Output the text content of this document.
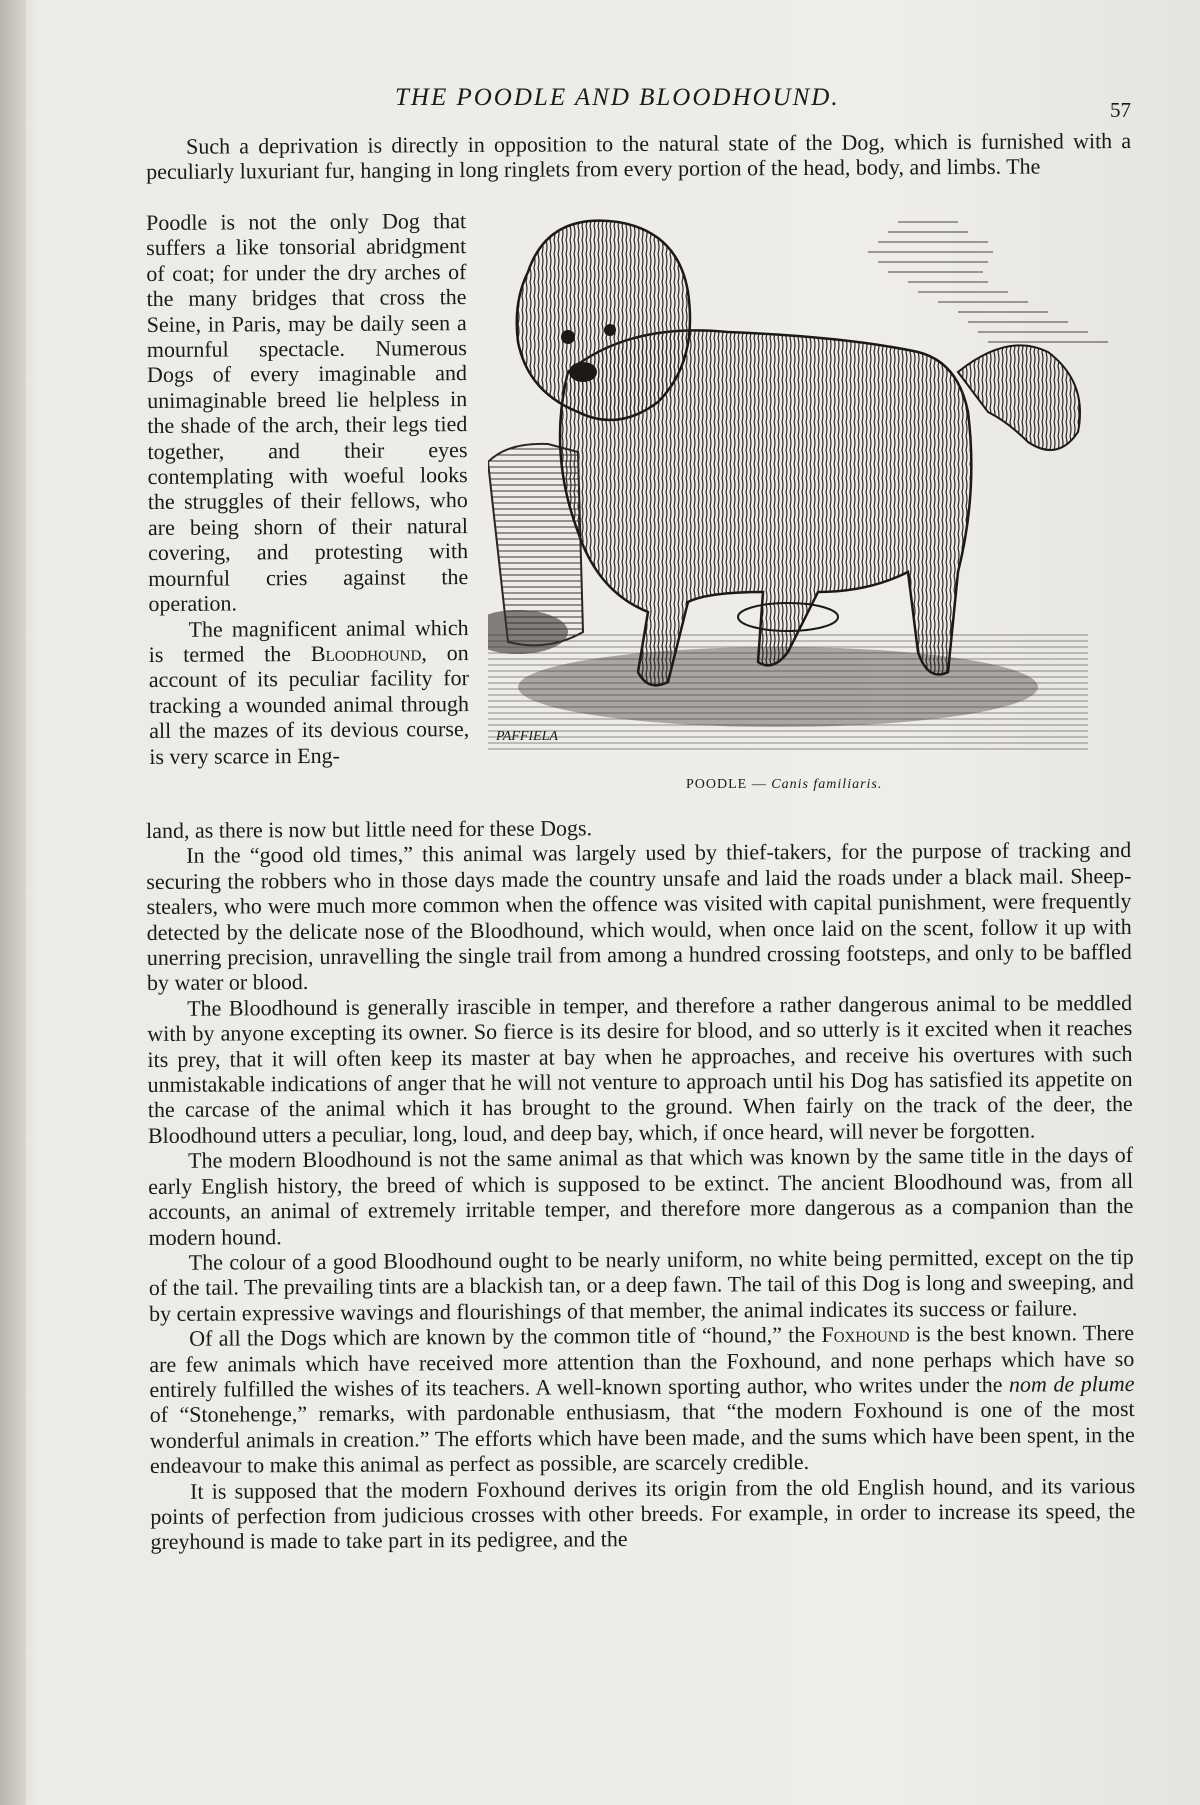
THE POODLE AND BLOODHOUND.	57

Such a deprivation is directly in opposition to the natural state of the Dog, which is furnished with a peculiarly luxuriant fur, hanging in long ringlets from every portion of the head, body, and limbs. The

Poodle is not the only Dog that suffers a like tonsorial abridgment of coat; for under the dry arches of the many bridges that cross the Seine, in Paris, may be daily seen a mournful spectacle. Numerous Dogs of every imaginable and unimaginable breed lie helpless in the shade of the arch, their legs tied together, and their eyes contemplating with woeful looks the struggles of their fellows, who are being shorn of their natural covering, and protesting with mournful cries against the operation.

The magnificent animal which is termed the Bloodhound, on account of its peculiar facility for tracking a wounded animal through all the mazes of its devious course, is very scarce in Eng-

PAFFIELA
POODLE — Canis familiaris.

land, as there is now but little need for these Dogs.

In the “good old times,” this animal was largely used by thief-takers, for the purpose of tracking and securing the robbers who in those days made the country unsafe and laid the roads under a black mail. Sheep-stealers, who were much more common when the offence was visited with capital punishment, were frequently detected by the delicate nose of the Bloodhound, which would, when once laid on the scent, follow it up with unerring precision, unravelling the single trail from among a hundred crossing footsteps, and only to be baffled by water or blood.

The Bloodhound is generally irascible in temper, and therefore a rather dangerous animal to be meddled with by anyone excepting its owner. So fierce is its desire for blood, and so utterly is it excited when it reaches its prey, that it will often keep its master at bay when he approaches, and receive his overtures with such unmistakable indications of anger that he will not venture to approach until his Dog has satisfied its appetite on the carcase of the animal which it has brought to the ground. When fairly on the track of the deer, the Bloodhound utters a peculiar, long, loud, and deep bay, which, if once heard, will never be forgotten.

The modern Bloodhound is not the same animal as that which was known by the same title in the days of early English history, the breed of which is supposed to be extinct. The ancient Bloodhound was, from all accounts, an animal of extremely irritable temper, and therefore more dangerous as a companion than the modern hound.

The colour of a good Bloodhound ought to be nearly uniform, no white being permitted, except on the tip of the tail. The prevailing tints are a blackish tan, or a deep fawn. The tail of this Dog is long and sweeping, and by certain expressive wavings and flourishings of that member, the animal indicates its success or failure.

Of all the Dogs which are known by the common title of “hound,” the Foxhound is the best known. There are few animals which have received more attention than the Foxhound, and none perhaps which have so entirely fulfilled the wishes of its teachers. A well-known sporting author, who writes under the nom de plume of “Stonehenge,” remarks, with pardonable enthusiasm, that “the modern Foxhound is one of the most wonderful animals in creation.” The efforts which have been made, and the sums which have been spent, in the endeavour to make this animal as perfect as possible, are scarcely credible.

It is supposed that the modern Foxhound derives its origin from the old English hound, and its various points of perfection from judicious crosses with other breeds. For example, in order to increase its speed, the greyhound is made to take part in its pedigree, and the
